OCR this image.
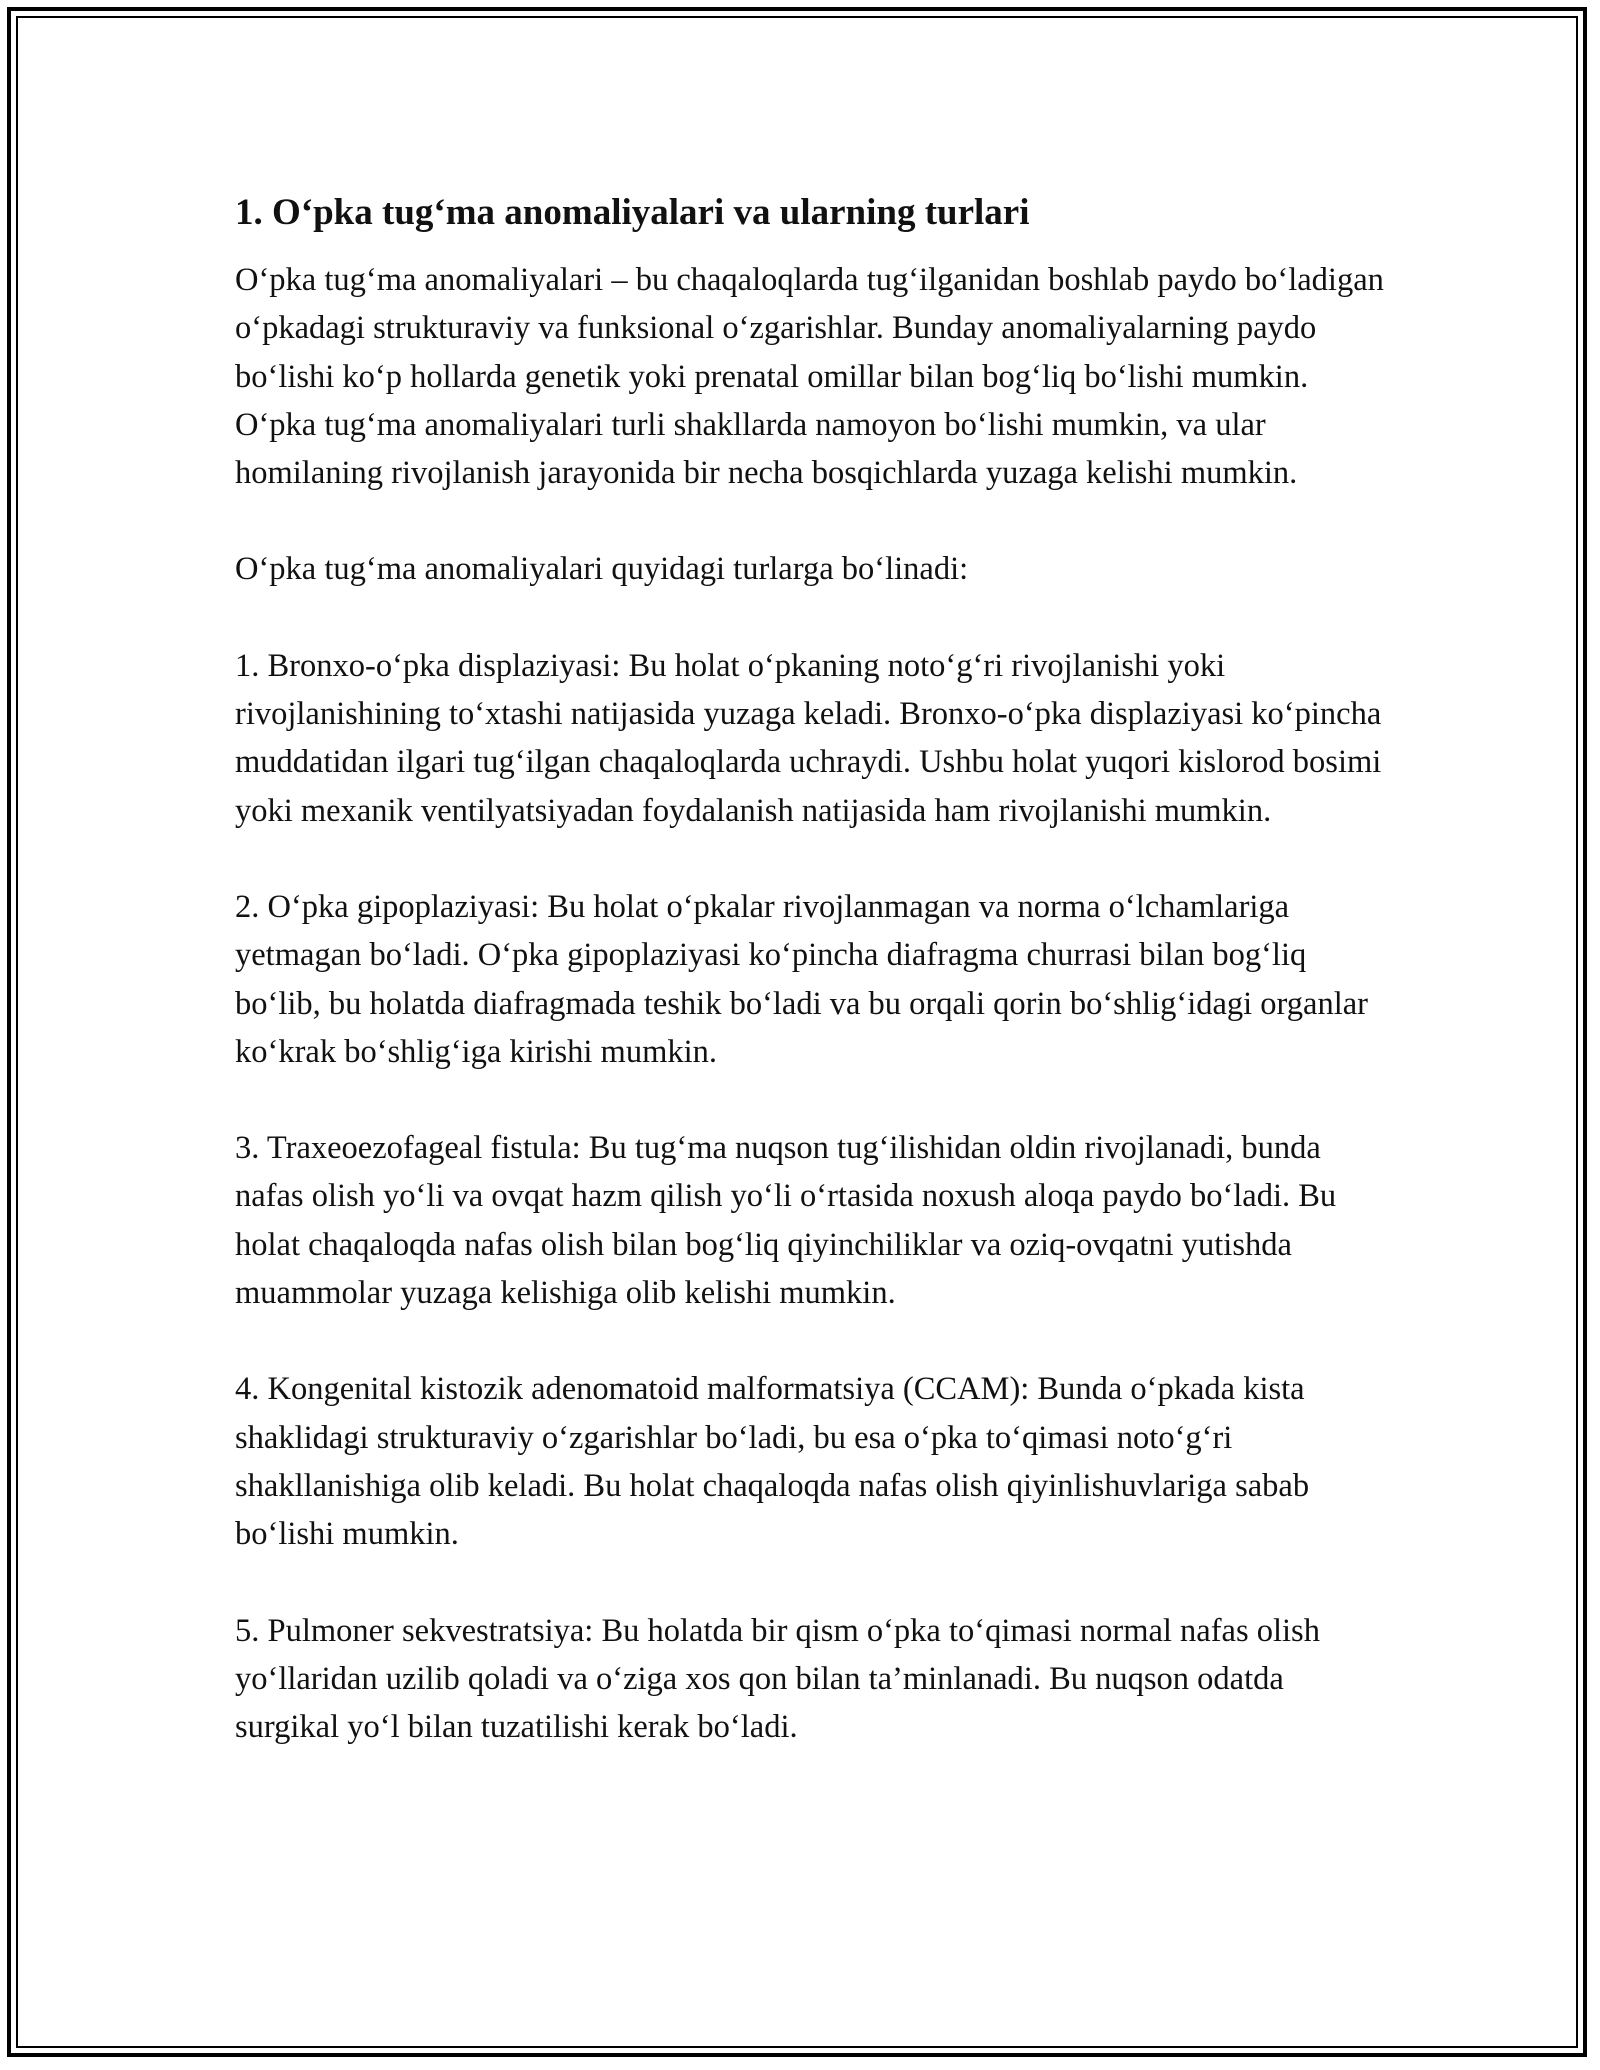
1. O‘pka tug‘ma anomaliyalari va ularning turlari

O‘pka tug‘ma anomaliyalari – bu chaqaloqlarda tug‘ilganidan boshlab paydo bo‘ladigan o‘pkadagi strukturaviy va funksional o‘zgarishlar. Bunday anomaliyalarning paydo bo‘lishi ko‘p hollarda genetik yoki prenatal omillar bilan bog‘liq bo‘lishi mumkin. O‘pka tug‘ma anomaliyalari turli shakllarda namoyon bo‘lishi mumkin, va ular homilaning rivojlanish jarayonida bir necha bosqichlarda yuzaga kelishi mumkin.

O‘pka tug‘ma anomaliyalari quyidagi turlarga bo‘linadi:

1. Bronxo-o‘pka displaziyasi: Bu holat o‘pkaning noto‘g‘ri rivojlanishi yoki rivojlanishining to‘xtashi natijasida yuzaga keladi. Bronxo-o‘pka displaziyasi ko‘pincha muddatidan ilgari tug‘ilgan chaqaloqlarda uchraydi. Ushbu holat yuqori kislorod bosimi yoki mexanik ventilyatsiyadan foydalanish natijasida ham rivojlanishi mumkin.

2. O‘pka gipoplaziyasi: Bu holat o‘pkalar rivojlanmagan va norma o‘lchamlariga yetmagan bo‘ladi. O‘pka gipoplaziyasi ko‘pincha diafragma churrasi bilan bog‘liq bo‘lib, bu holatda diafragmada teshik bo‘ladi va bu orqali qorin bo‘shlig‘idagi organlar ko‘krak bo‘shlig‘iga kirishi mumkin.

3. Traxeoezofageal fistula: Bu tug‘ma nuqson tug‘ilishidan oldin rivojlanadi, bunda nafas olish yo‘li va ovqat hazm qilish yo‘li o‘rtasida noxush aloqa paydo bo‘ladi. Bu holat chaqaloqda nafas olish bilan bog‘liq qiyinchiliklar va oziq-ovqatni yutishda muammolar yuzaga kelishiga olib kelishi mumkin.

4. Kongenital kistozik adenomatoid malformatsiya (CCAM): Bunda o‘pkada kista shaklidagi strukturaviy o‘zgarishlar bo‘ladi, bu esa o‘pka to‘qimasi noto‘g‘ri shakllanishiga olib keladi. Bu holat chaqaloqda nafas olish qiyinlishuvlariga sabab bo‘lishi mumkin.

5. Pulmoner sekvestratsiya: Bu holatda bir qism o‘pka to‘qimasi normal nafas olish yo‘llaridan uzilib qoladi va o‘ziga xos qon bilan ta’minlanadi. Bu nuqson odatda surgikal yo‘l bilan tuzatilishi kerak bo‘ladi.
